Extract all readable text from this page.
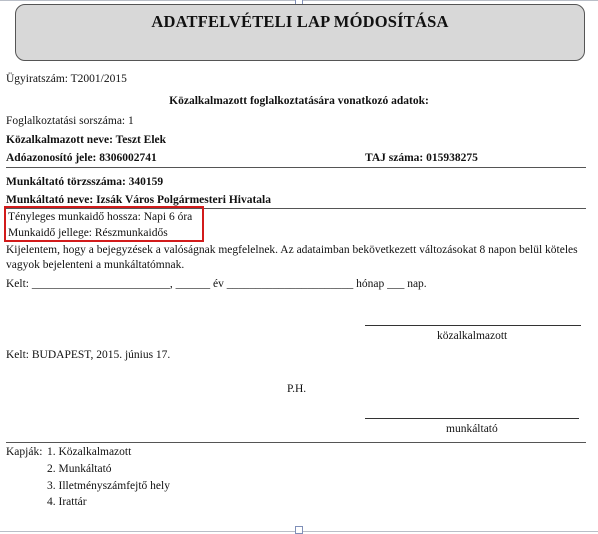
ADATFELVÉTELI LAP MÓDOSÍTÁSA
Ügyiratszám: T2001/2015
Közalkalmazott foglalkoztatására vonatkozó adatok:
Foglalkoztatási sorszáma: 1
Közalkalmazott neve: Teszt Elek
Adóazonosító jele: 8306002741	TAJ száma: 015938275
Munkáltató törzsszáma: 340159
Munkáltató neve: Izsák Város Polgármesteri Hivatala
Tényleges munkaidő hossza: Napi 6 óra
Munkaidő jellege: Részmunkaidős
Kijelentem, hogy a bejegyzések a valóságnak megfelelnek. Az adataimban bekövetkezett változásokat 8 napon belül köteles vagyok bejelenteni a munkáltatómnak.
Kelt: ________________________, ______ év ______________________ hónap ___ nap.
közalkalmazott
Kelt: BUDAPEST, 2015. június 17.
P.H.
munkáltató
Kapják: 1. Közalkalmazott
2. Munkáltató
3. Illetményszámfejtő hely
4. Irattár
